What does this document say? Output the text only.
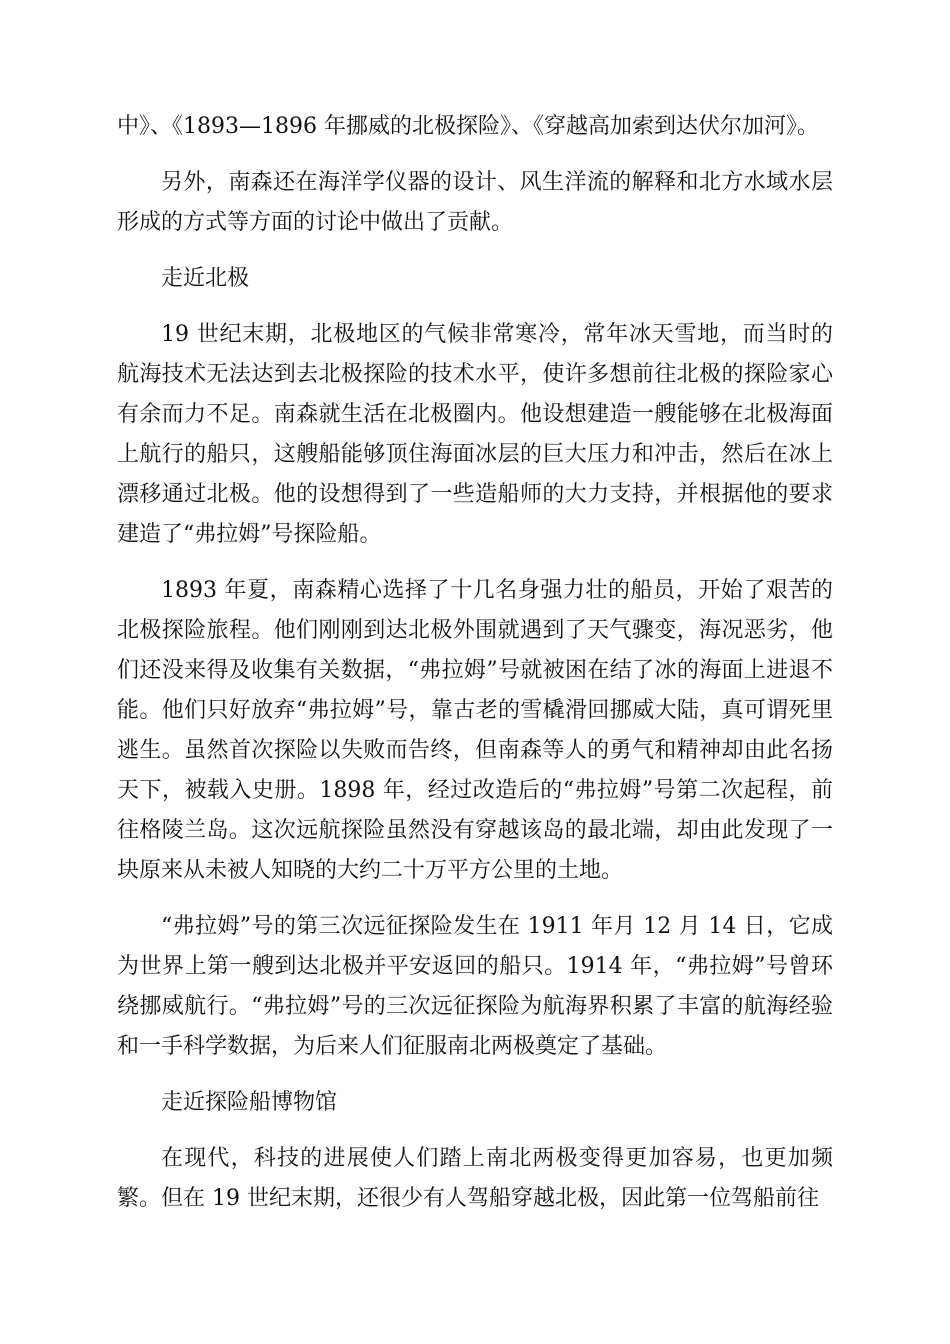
中》、《1893—1896 年挪威的北极探险》、《穿越高加索到达伏尔加河》。

另外，南森还在海洋学仪器的设计、风生洋流的解释和北方水域水层形成的方式等方面的讨论中做出了贡献。

走近北极

19 世纪末期，北极地区的气候非常寒冷，常年冰天雪地，而当时的航海技术无法达到去北极探险的技术水平，使许多想前往北极的探险家心有余而力不足。南森就生活在北极圈内。他设想建造一艘能够在北极海面上航行的船只，这艘船能够顶住海面冰层的巨大压力和冲击，然后在冰上漂移通过北极。他的设想得到了一些造船师的大力支持，并根据他的要求建造了“弗拉姆”号探险船。

1893 年夏，南森精心选择了十几名身强力壮的船员，开始了艰苦的北极探险旅程。他们刚刚到达北极外围就遇到了天气骤变，海况恶劣，他们还没来得及收集有关数据，“弗拉姆”号就被困在结了冰的海面上进退不能。他们只好放弃“弗拉姆”号，靠古老的雪橇滑回挪威大陆，真可谓死里逃生。虽然首次探险以失败而告终，但南森等人的勇气和精神却由此名扬天下，被载入史册。1898 年，经过改造后的“弗拉姆”号第二次起程，前往格陵兰岛。这次远航探险虽然没有穿越该岛的最北端，却由此发现了一块原来从未被人知晓的大约二十万平方公里的土地。

“弗拉姆”号的第三次远征探险发生在 1911 年月 12 月 14 日，它成为世界上第一艘到达北极并平安返回的船只。1914 年，“弗拉姆”号曾环绕挪威航行。“弗拉姆”号的三次远征探险为航海界积累了丰富的航海经验和一手科学数据，为后来人们征服南北两极奠定了基础。

走近探险船博物馆

在现代，科技的进展使人们踏上南北两极变得更加容易，也更加频繁。但在 19 世纪末期，还很少有人驾船穿越北极，因此第一位驾船前往
